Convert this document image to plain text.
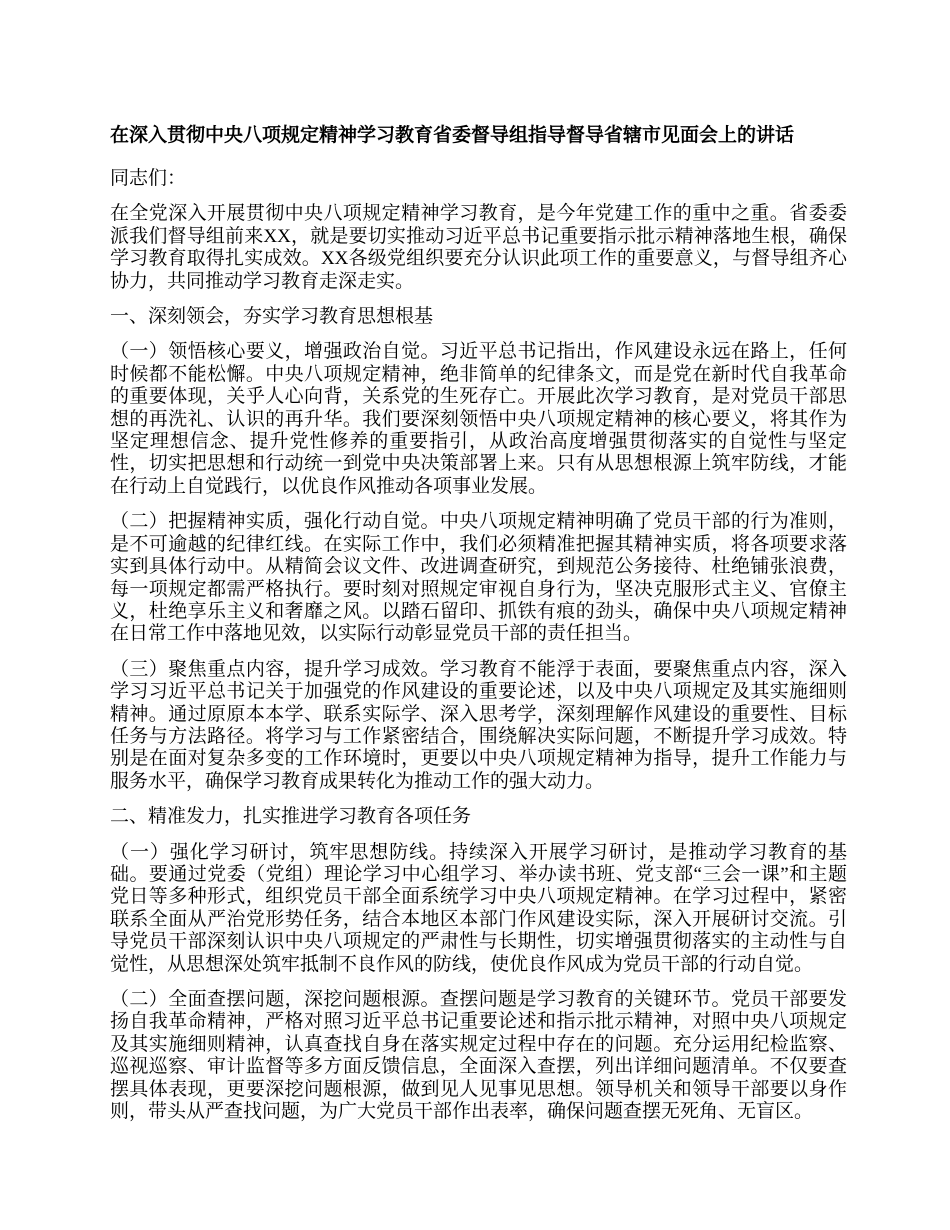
在深入贯彻中央八项规定精神学习教育省委督导组指导督导省辖市见面会上的讲话

同志们：

在全党深入开展贯彻中央八项规定精神学习教育，是今年党建工作的重中之重。省委委派我们督导组前来XX，就是要切实推动习近平总书记重要指示批示精神落地生根，确保学习教育取得扎实成效。XX各级党组织要充分认识此项工作的重要意义，与督导组齐心协力，共同推动学习教育走深走实。

一、深刻领会，夯实学习教育思想根基

（一）领悟核心要义，增强政治自觉。习近平总书记指出，作风建设永远在路上，任何时候都不能松懈。中央八项规定精神，绝非简单的纪律条文，而是党在新时代自我革命的重要体现，关乎人心向背，关系党的生死存亡。开展此次学习教育，是对党员干部思想的再洗礼、认识的再升华。我们要深刻领悟中央八项规定精神的核心要义，将其作为坚定理想信念、提升党性修养的重要指引，从政治高度增强贯彻落实的自觉性与坚定性，切实把思想和行动统一到党中央决策部署上来。只有从思想根源上筑牢防线，才能在行动上自觉践行，以优良作风推动各项事业发展。

（二）把握精神实质，强化行动自觉。中央八项规定精神明确了党员干部的行为准则，是不可逾越的纪律红线。在实际工作中，我们必须精准把握其精神实质，将各项要求落实到具体行动中。从精简会议文件、改进调查研究，到规范公务接待、杜绝铺张浪费，每一项规定都需严格执行。要时刻对照规定审视自身行为，坚决克服形式主义、官僚主义，杜绝享乐主义和奢靡之风。以踏石留印、抓铁有痕的劲头，确保中央八项规定精神在日常工作中落地见效，以实际行动彰显党员干部的责任担当。

（三）聚焦重点内容，提升学习成效。学习教育不能浮于表面，要聚焦重点内容，深入学习习近平总书记关于加强党的作风建设的重要论述，以及中央八项规定及其实施细则精神。通过原原本本学、联系实际学、深入思考学，深刻理解作风建设的重要性、目标任务与方法路径。将学习与工作紧密结合，围绕解决实际问题，不断提升学习成效。特别是在面对复杂多变的工作环境时，更要以中央八项规定精神为指导，提升工作能力与服务水平，确保学习教育成果转化为推动工作的强大动力。

二、精准发力，扎实推进学习教育各项任务

（一）强化学习研讨，筑牢思想防线。持续深入开展学习研讨，是推动学习教育的基础。要通过党委（党组）理论学习中心组学习、举办读书班、党支部“三会一课”和主题党日等多种形式，组织党员干部全面系统学习中央八项规定精神。在学习过程中，紧密联系全面从严治党形势任务，结合本地区本部门作风建设实际，深入开展研讨交流。引导党员干部深刻认识中央八项规定的严肃性与长期性，切实增强贯彻落实的主动性与自觉性，从思想深处筑牢抵制不良作风的防线，使优良作风成为党员干部的行动自觉。

（二）全面查摆问题，深挖问题根源。查摆问题是学习教育的关键环节。党员干部要发扬自我革命精神，严格对照习近平总书记重要论述和指示批示精神，对照中央八项规定及其实施细则精神，认真查找自身在落实规定过程中存在的问题。充分运用纪检监察、巡视巡察、审计监督等多方面反馈信息，全面深入查摆，列出详细问题清单。不仅要查摆具体表现，更要深挖问题根源，做到见人见事见思想。领导机关和领导干部要以身作则，带头从严查找问题，为广大党员干部作出表率，确保问题查摆无死角、无盲区。
